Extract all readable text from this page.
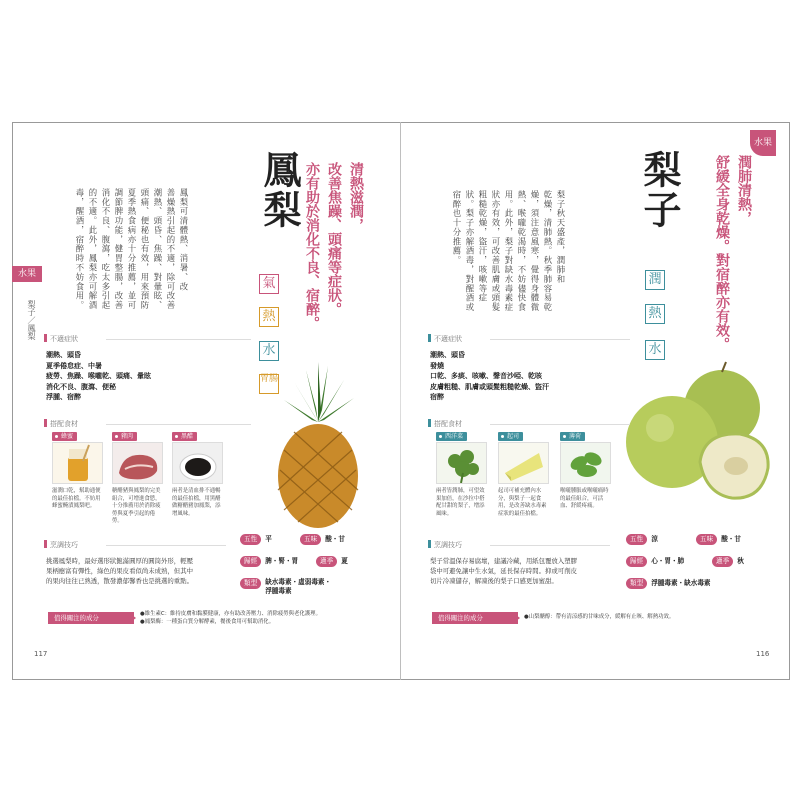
水果
梨子／鳳梨
鳳梨
氣
熱
水
胃腸
亦有助於消化不良、宿醉。 改善焦躁、頭痛等症狀。 清熱滋潤，
鳳梨可清體熱、消暑、改
善燥熱引起的不適，除可改善
潮熱、頭昏、焦躁、對暈眩、
頭痛、便秘也有效，用來預防
夏季熱食病亦十分推薦，並可
調節脾功能，健胃整腸，改善
消化不良、腹瀉，吃太多引起
的不適。此外，鳳梨亦可解酒
毒，醒酒，宿醉時不妨食用。
不適症狀
潮熱、頭昏
夏季倦怠症、中暑
疲勞、焦躁、喉嚨乾、頭痛、暈眩
消化不良、腹瀉、便秘
浮腫、宿醉
搭配食材
蜂蜜	豬肉	黑醋
滋潤口乾，幫助通便的最佳拍檔。不妨用蜂蜜醃漬鳳梨吧。
糖醋豬與鳳梨的完美組合，可增進食慾，十分推薦用於消除疲勞與夏季引起的倦勞。
兩者是清血排不通暢的最佳拍檔，用黑醋做糖醋豬加鳳梨，添增風味。
五性 平	五味 酸・甘
歸經 脾・腎・胃	適季 夏
類型 缺水毒素・虛弱毒素・
浮腫毒素
烹調技巧
挑選鳳梨時，最好選形狀飽滿圓厚的圓筒外形，輕壓
果柄應富有彈性，綠色的果皮看似尚未成熟，但其中
的果肉往往已熟透，散發濃郁馨香也是挑選的重點。
值得關注的成分	●維生素C：維持皮膚和黏膜健康，亦有助改善壓力、消除疲勞與老化護理。
●鳳梨酶：一種蛋白質分解酵素，餐後食用可幫助消化。
117
水果
梨子
潤
熱
水	舒緩全身乾燥。對宿醉亦有效。 潤肺清熱，
梨子秋天盛產，潤肺和
乾燥，清肺熱。秋季肺容易乾
燥，須注意風寒，覺得身體微
熱、喉嚨乾渴時，不妨儘快食
用。此外，梨子對缺水毒素症
狀亦有效，可改善肌膚或頭髮
粗糙乾燥，盜汗，咳嗽等症
狀。梨子亦解酒毒，對醒酒或
宿醉也十分推薦。
不適症狀
潮熱、頭昏
發燒
口乾、多痰、咳嗽、聲音沙啞、乾咳
皮膚粗糙、肌膚或頭髮粗糙乾燥、盜汗
宿醉
搭配食材
西洋菜	起司	薄荷
兩者皆潤肺，可望效果加倍，在沙拉中搭配甘甜的梨子，增添風味。
起司可補充體內水分，與梨子一起食用，是改善缺水毒素症狀的最佳拍檔。
喉嚨腫脹或喉嚨痛時的最佳組合，可活血、舒緩疼痛。
五性 涼	五味 酸・甘
歸經 心・胃・肺	適季 秋
類型 浮腫毒素・缺水毒素
烹調技巧
梨子常溫保存易腐壞，建議冷藏，用紙包覆放入塑膠
袋中可避免讓中生水氣，延長保存時間。抑或可削皮
切片冷凍儲存，解凍後的梨子口感更加蜜甜。
值得關注的成分	●山梨醣醇：帶有清涼感的甘味成分，緩解有止咳、解熱功效。
116
